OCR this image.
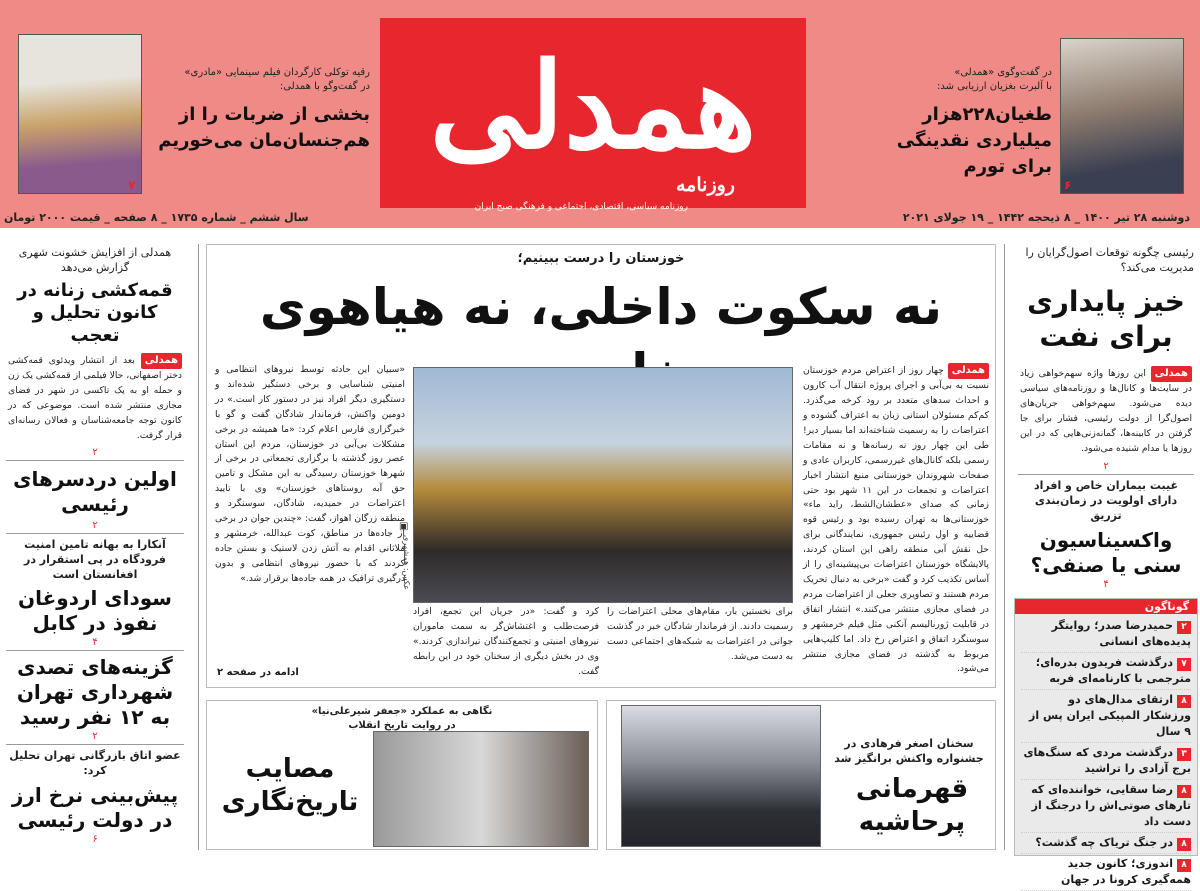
۶
در گفت‌وگوی «همدلی»
با آلبرت بغزیان ارزیابی شد:
طغیان۲۲۸هزار میلیاردی نقدینگی برای تورم
۷
رقیه توکلی کارگردان فیلم سینمایی «مادری»
در گفت‌وگو با همدلی:
بخشی از ضربات را از هم‌جنسان‌مان می‌خوریم همدلی
روزنامه
روزنامه سیاسی، اقتصادی، اجتماعی و فرهنگی صبح ایران
دوشنبه ۲۸ تیر ۱۴۰۰ _ ۸ ذیحجه ۱۴۴۲ _ ۱۹ جولای ۲۰۲۱
سال ششم _ شماره ۱۷۳۵ _ ۸ صفحه _ قیمت ۲۰۰۰ تومان
رئیسی چگونه توقعات اصول‌گرایان را مدیریت می‌کند؟
خیز پایداری برای نفت
همدلی این روزها واژه سهم‌خواهی زیاد در سایت‌ها و کانال‌ها و روزنامه‌های سیاسی دیده می‌شود. سهم‌خواهی جریان‌های اصول‌گرا از دولت رئیسی، فشار برای جا گرفتن در کابینه‌ها، گمانه‌زنی‌هایی که در این روزها یا مدام شنیده می‌شود.
۲
غیبت بیماران خاص و افراد دارای اولویت در زمان‌بندی تزریق
واکسیناسیون سنی یا صنفی؟
۴
گوناگون
۲حمیدرضا صدر؛ روایتگر پدیده‌های انسانی
۷درگذشت فریدون بدره‌ای؛ مترجمی با کارنامه‌ای فربه
۸ارتقای مدال‌های دو ورزشکار المپیکی ایران پس از ۹ سال
۳درگذشت مردی که سنگ‌های برج آزادی را تراشید
۸رضا سقایی، خواننده‌ای که تارهای صوتی‌اش را درجنگ از دست داد
۸در جنگ تریاک چه گذشت؟
۸اندوزی؛ کانون جدید همه‌گیری کرونا در جهان
همدلی از افزایش خشونت شهری گزارش می‌دهد
قمه‌کشی زنانه در کانون تحلیل و تعجب
همدلی بعد از انتشار ویدئوی قمه‌کشی دختر اصفهانی، حالا فیلمی از قمه‌کشی یک زن و حمله او به یک تاکسی در شهر در فضای مجازی منتشر شده است. موضوعی که در کانون توجه جامعه‌شناسان و فعالان رسانه‌ای قرار گرفت.
۲
اولین دردسرهای رئیسی
۲
آنکارا به بهانه تامین امنیت فرودگاه در پی استقرار در افغانستان است
سودای اردوغان نفوذ در کابل
۴
گزینه‌های تصدی شهرداری تهران به ۱۲ نفر رسید
۲
عضو اتاق بازرگانی تهران تحلیل کرد:
پیش‌بینی نرخ ارز در دولت رئیسی
۶
خوزستان را درست ببینیم؛
نه سکوت داخلی، نه هیاهوی
همدلی چهار روز از اعتراض مردم خوزستان نسبت به بی‌آبی و اجرای پروژه انتقال آب کارون و احداث سدهای متعدد بر رود کرخه می‌گذرد. کم‌کم مسئولان استانی زبان به اعتراف گشوده و اعتراضات را به رسمیت شناخته‌اند اما بسیار دیر! طی این چهار روز نه رسانه‌ها و نه مقامات رسمی بلکه کانال‌های غیررسمی، کاربران عادی و صفحات شهروندان خوزستانی منبع انتشار اخبار اعتراضات و تجمعات در این ۱۱ شهر بود حتی زمانی که صدای «عطشان‌الشط، راید ماء» خوزستانی‌ها به تهران رسیده بود و رئیس قوه قضاییه و اول رئیس جمهوری، نمایندگانی برای حل نقش آبی منطقه راهی این استان کردند، پالایشگاه خوزستان اعتراضات بی‌پیشینه‌ای را از آساس تکذیب کرد و گفت «برخی به دنبال تحریک مردم هستند و تصاویری جعلی از اعتراضات مردم در فضای مجازی منتشر می‌کنند.» انتشار اتفاق در قابلیت ژورنالیسم آنکنی مثل فیلم خرمشهر و سوسنگرد اتفاق و اعتراض رخ داد. اما کلیپ‌هایی مربوط به گذشته در فضای مجازی منتشر می‌شود.
عکس: همشهری
▣
برای نخستین بار، مقام‌های محلی اعتراضات را رسمیت دادند. از فرماندار شادگان خبر در گذشت جوانی در اعتراضات به شبکه‌های اجتماعی دست به دست می‌شد.
کرد و گفت: «در جریان این تجمع، افراد فرصت‌طلب و اغتشاش‌گر به سمت ماموران نیروهای امنیتی و تجمع‌کنندگان تیراندازی کردند.» وی در بخش دیگری از سخنان خود در این رابطه گفت.
«سبیان این حادثه توسط نیروهای انتظامی و امنیتی شناسایی و برخی دستگیر شده‌اند و دستگیری دیگر افراد نیز در دستور کار است.» در دومین واکنش، فرماندار شادگان گفت و گو با خبرگزاری فارس اعلام کرد: «ما همیشه در برخی مشکلات بی‌آبی در خوزستان، مردم این استان عصر روز گذشته با برگزاری تجمعاتی در برخی از شهرها خوزستان رسیدگی به این مشکل و تامین حق آبه روستاهای خوزستان» وی با تایید اعتراضات در حمیدیه، شادگان، سوسنگرد و منطقه زرگان اهواز، گفت: «چندین جوان در برخی از جاده‌ها در مناطق، کوت عبدالله، خرمشهر و ملاثانی اقدام به آتش زدن لاستیک و بستن جاده کردند که با حضور نیروهای انتظامی و بدون درگیری ترافیک در همه جاده‌ها برقرار شد.»
ادامه در صفحه ۲
سخنان اصغر فرهادی در جشنواره واکنش برانگیز شد
قهرمانی پرحاشیه
نگاهی به عملکرد «جعفر شیرعلی‌نیا»
در روایت تاریخ انقلاب
مصایب تاریخ‌نگاری
